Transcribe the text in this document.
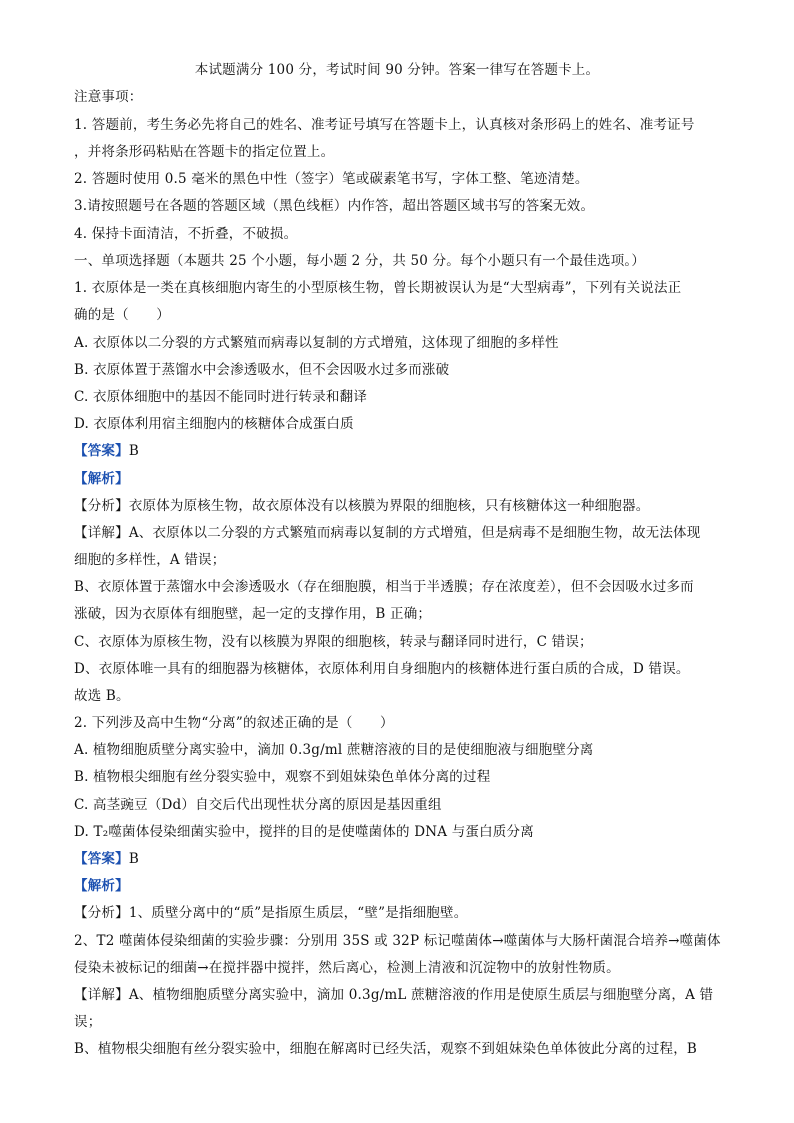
本试题满分 100 分，考试时间 90 分钟。答案一律写在答题卡上。
注意事项：
1. 答题前，考生务必先将自己的姓名、准考证号填写在答题卡上，认真核对条形码上的姓名、准考证号
，并将条形码粘贴在答题卡的指定位置上。
2. 答题时使用 0.5 毫米的黑色中性（签字）笔或碳素笔书写，字体工整、笔迹清楚。
3.请按照题号在各题的答题区域（黑色线框）内作答，超出答题区域书写的答案无效。
4. 保持卡面清洁，不折叠，不破损。
一、单项选择题（本题共 25 个小题，每小题 2 分，共 50 分。每个小题只有一个最佳选项。）
1. 衣原体是一类在真核细胞内寄生的小型原核生物，曾长期被误认为是“大型病毒”，下列有关说法正
确的是（　　）
A. 衣原体以二分裂的方式繁殖而病毒以复制的方式增殖，这体现了细胞的多样性
B. 衣原体置于蒸馏水中会渗透吸水，但不会因吸水过多而涨破
C. 衣原体细胞中的基因不能同时进行转录和翻译
D. 衣原体利用宿主细胞内的核糖体合成蛋白质
【答案】B
【解析】
【分析】衣原体为原核生物，故衣原体没有以核膜为界限的细胞核，只有核糖体这一种细胞器。
【详解】A、衣原体以二分裂的方式繁殖而病毒以复制的方式增殖，但是病毒不是细胞生物，故无法体现
细胞的多样性，A 错误；
B、衣原体置于蒸馏水中会渗透吸水（存在细胞膜，相当于半透膜；存在浓度差），但不会因吸水过多而
涨破，因为衣原体有细胞壁，起一定的支撑作用，B 正确；
C、衣原体为原核生物，没有以核膜为界限的细胞核，转录与翻译同时进行，C 错误；
D、衣原体唯一具有的细胞器为核糖体，衣原体利用自身细胞内的核糖体进行蛋白质的合成，D 错误。
故选 B。
2. 下列涉及高中生物“分离”的叙述正确的是（　　）
A. 植物细胞质壁分离实验中，滴加 0.3g/ml 蔗糖溶液的目的是使细胞液与细胞壁分离
B. 植物根尖细胞有丝分裂实验中，观察不到姐妹染色单体分离的过程
C. 高茎豌豆（Dd）自交后代出现性状分离的原因是基因重组
D. T₂噬菌体侵染细菌实验中，搅拌的目的是使噬菌体的 DNA 与蛋白质分离
【答案】B
【解析】
【分析】1、质壁分离中的“质”是指原生质层，“壁”是指细胞壁。
2、T2 噬菌体侵染细菌的实验步骤：分别用 35S 或 32P 标记噬菌体→噬菌体与大肠杆菌混合培养→噬菌体
侵染未被标记的细菌→在搅拌器中搅拌，然后离心，检测上清液和沉淀物中的放射性物质。
【详解】A、植物细胞质壁分离实验中，滴加 0.3g/mL 蔗糖溶液的作用是使原生质层与细胞壁分离，A 错
误；
B、植物根尖细胞有丝分裂实验中，细胞在解离时已经失活，观察不到姐妹染色单体彼此分离的过程，B
